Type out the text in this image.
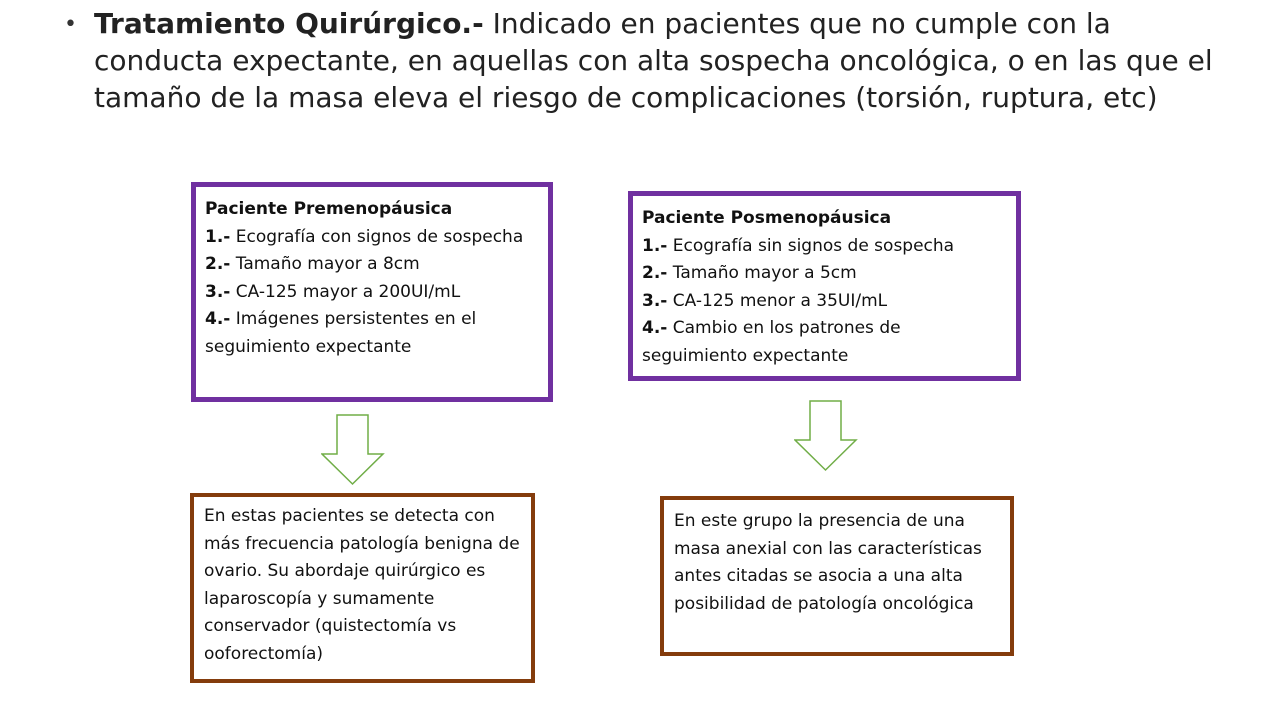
• Tratamiento Quirúrgico.- Indicado en pacientes que no cumple con la conducta expectante, en aquellas con alta sospecha oncológica, o en las que el tamaño de la masa eleva el riesgo de complicaciones (torsión, ruptura, etc)

Paciente Premenopáusica
1.- Ecografía con signos de sospecha
2.- Tamaño mayor a 8cm
3.- CA-125 mayor a 200UI/mL
4.- Imágenes persistentes en el seguimiento expectante
Paciente Posmenopáusica
1.- Ecografía sin signos de sospecha
2.- Tamaño mayor a 5cm
3.- CA-125 menor a 35UI/mL
4.- Cambio en los patrones de seguimiento expectante
En estas pacientes se detecta con más frecuencia patología benigna de ovario. Su abordaje quirúrgico es laparoscopía y sumamente conservador (quistectomía vs ooforectomía)
En este grupo la presencia de una masa anexial con las características antes citadas se asocia a una alta posibilidad de patología oncológica
